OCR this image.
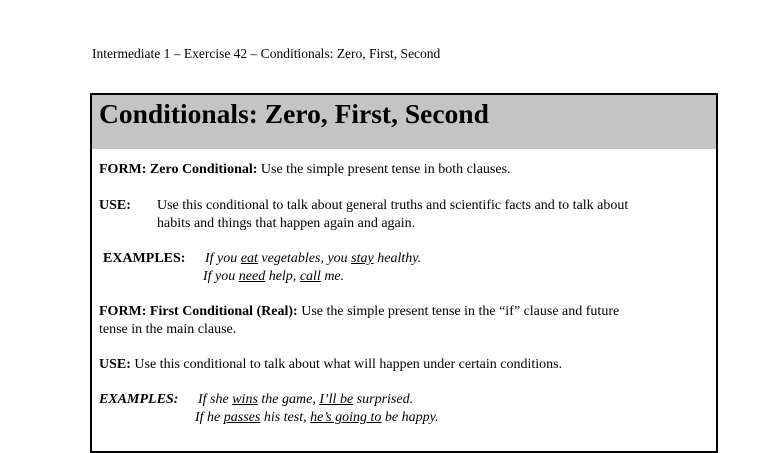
Intermediate 1 – Exercise 42 – Conditionals: Zero, First, Second
Conditionals: Zero, First, Second
FORM: Zero Conditional: Use the simple present tense in both clauses.
USE: Use this conditional to talk about general truths and scientific facts and to talk about
habits and things that happen again and again.
EXAMPLES: If you eat vegetables, you stay healthy.
If you need help, call me.
FORM: First Conditional (Real): Use the simple present tense in the “if” clause and future
tense in the main clause.
USE: Use this conditional to talk about what will happen under certain conditions.
EXAMPLES: If she wins the game, I’ll be surprised.
If he passes his test, he’s going to be happy.
